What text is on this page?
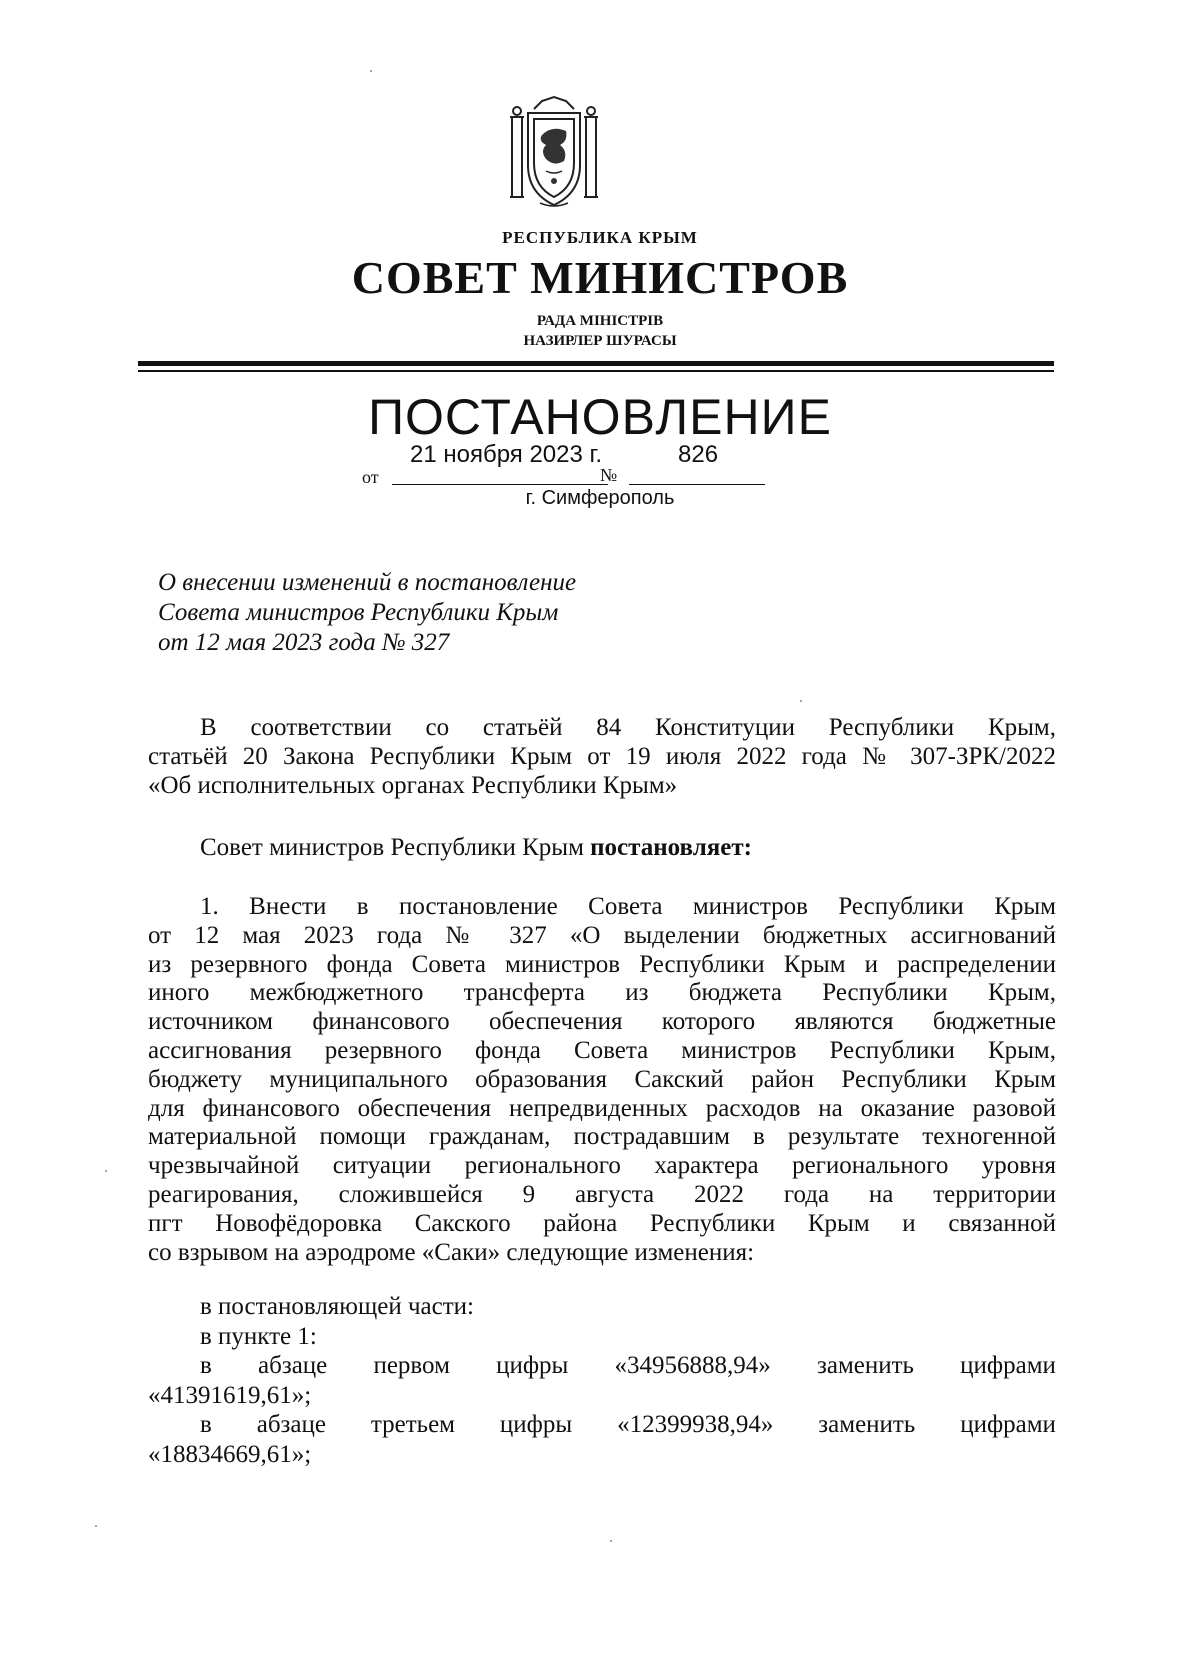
РЕСПУБЛИКА КРЫМ
СОВЕТ МИНИСТРОВ
РАДА МІНІСТРІВ
НАЗИРЛЕР ШУРАСЫ
ПОСТАНОВЛЕНИЕ
от	№
21 ноября 2023 г.	826
г. Симферополь
О внесении изменений в постановление
Совета министров Республики Крым
от 12 мая 2023 года № 327
В соответствии со статьёй 84 Конституции Республики Крым,
статьёй 20 Закона Республики Крым от 19 июля 2022 года № 307-ЗРК/2022
«Об исполнительных органах Республики Крым»
Совет министров Республики Крым постановляет:
1. Внести в постановление Совета министров Республики Крым
от 12 мая 2023 года № 327 «О выделении бюджетных ассигнований
из резервного фонда Совета министров Республики Крым и распределении
иного межбюджетного трансферта из бюджета Республики Крым,
источником финансового обеспечения которого являются бюджетные
ассигнования резервного фонда Совета министров Республики Крым,
бюджету муниципального образования Сакский район Республики Крым
для финансового обеспечения непредвиденных расходов на оказание разовой
материальной помощи гражданам, пострадавшим в результате техногенной
чрезвычайной ситуации регионального характера регионального уровня
реагирования, сложившейся 9 августа 2022 года на территории
пгт Новофёдоровка Сакского района Республики Крым и связанной
со взрывом на аэродроме «Саки» следующие изменения:
в постановляющей части:
в пункте 1:
в абзаце первом цифры «34956888,94» заменить цифрами
«41391619,61»;
в абзаце третьем цифры «12399938,94» заменить цифрами
«18834669,61»;
